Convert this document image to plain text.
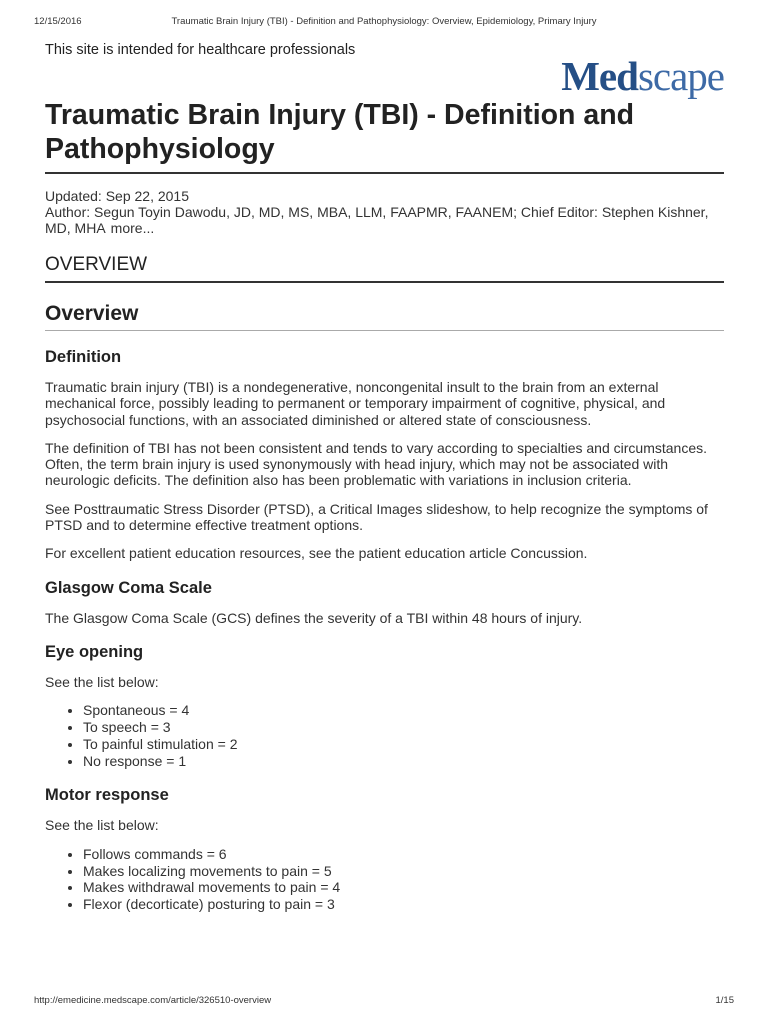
12/15/2016	Traumatic Brain Injury (TBI) - Definition and Pathophysiology: Overview, Epidemiology, Primary Injury

This site is intended for healthcare professionals

Medscape
Traumatic Brain Injury (TBI) - Definition and Pathophysiology
Updated: Sep 22, 2015
Author: Segun Toyin Dawodu, JD, MD, MS, MBA, LLM, FAAPMR, FAANEM; Chief Editor: Stephen Kishner, MD, MHA more...
OVERVIEW
Overview
Definition

Traumatic brain injury (TBI) is a nondegenerative, noncongenital insult to the brain from an external mechanical force, possibly leading to permanent or temporary impairment of cognitive, physical, and psychosocial functions, with an associated diminished or altered state of consciousness.

The definition of TBI has not been consistent and tends to vary according to specialties and circumstances. Often, the term brain injury is used synonymously with head injury, which may not be associated with neurologic deficits. The definition also has been problematic with variations in inclusion criteria.

See Posttraumatic Stress Disorder (PTSD), a Critical Images slideshow, to help recognize the symptoms of PTSD and to determine effective treatment options.

For excellent patient education resources, see the patient education article Concussion.

Glasgow Coma Scale

The Glasgow Coma Scale (GCS) defines the severity of a TBI within 48 hours of injury.

Eye opening

See the list below:

• Spontaneous = 4
• To speech = 3
• To painful stimulation = 2
• No response = 1
Motor response

See the list below:

• Follows commands = 6
• Makes localizing movements to pain = 5
• Makes withdrawal movements to pain = 4
• Flexor (decorticate) posturing to pain = 3
http://emedicine.medscape.com/article/326510-overview	1/15
